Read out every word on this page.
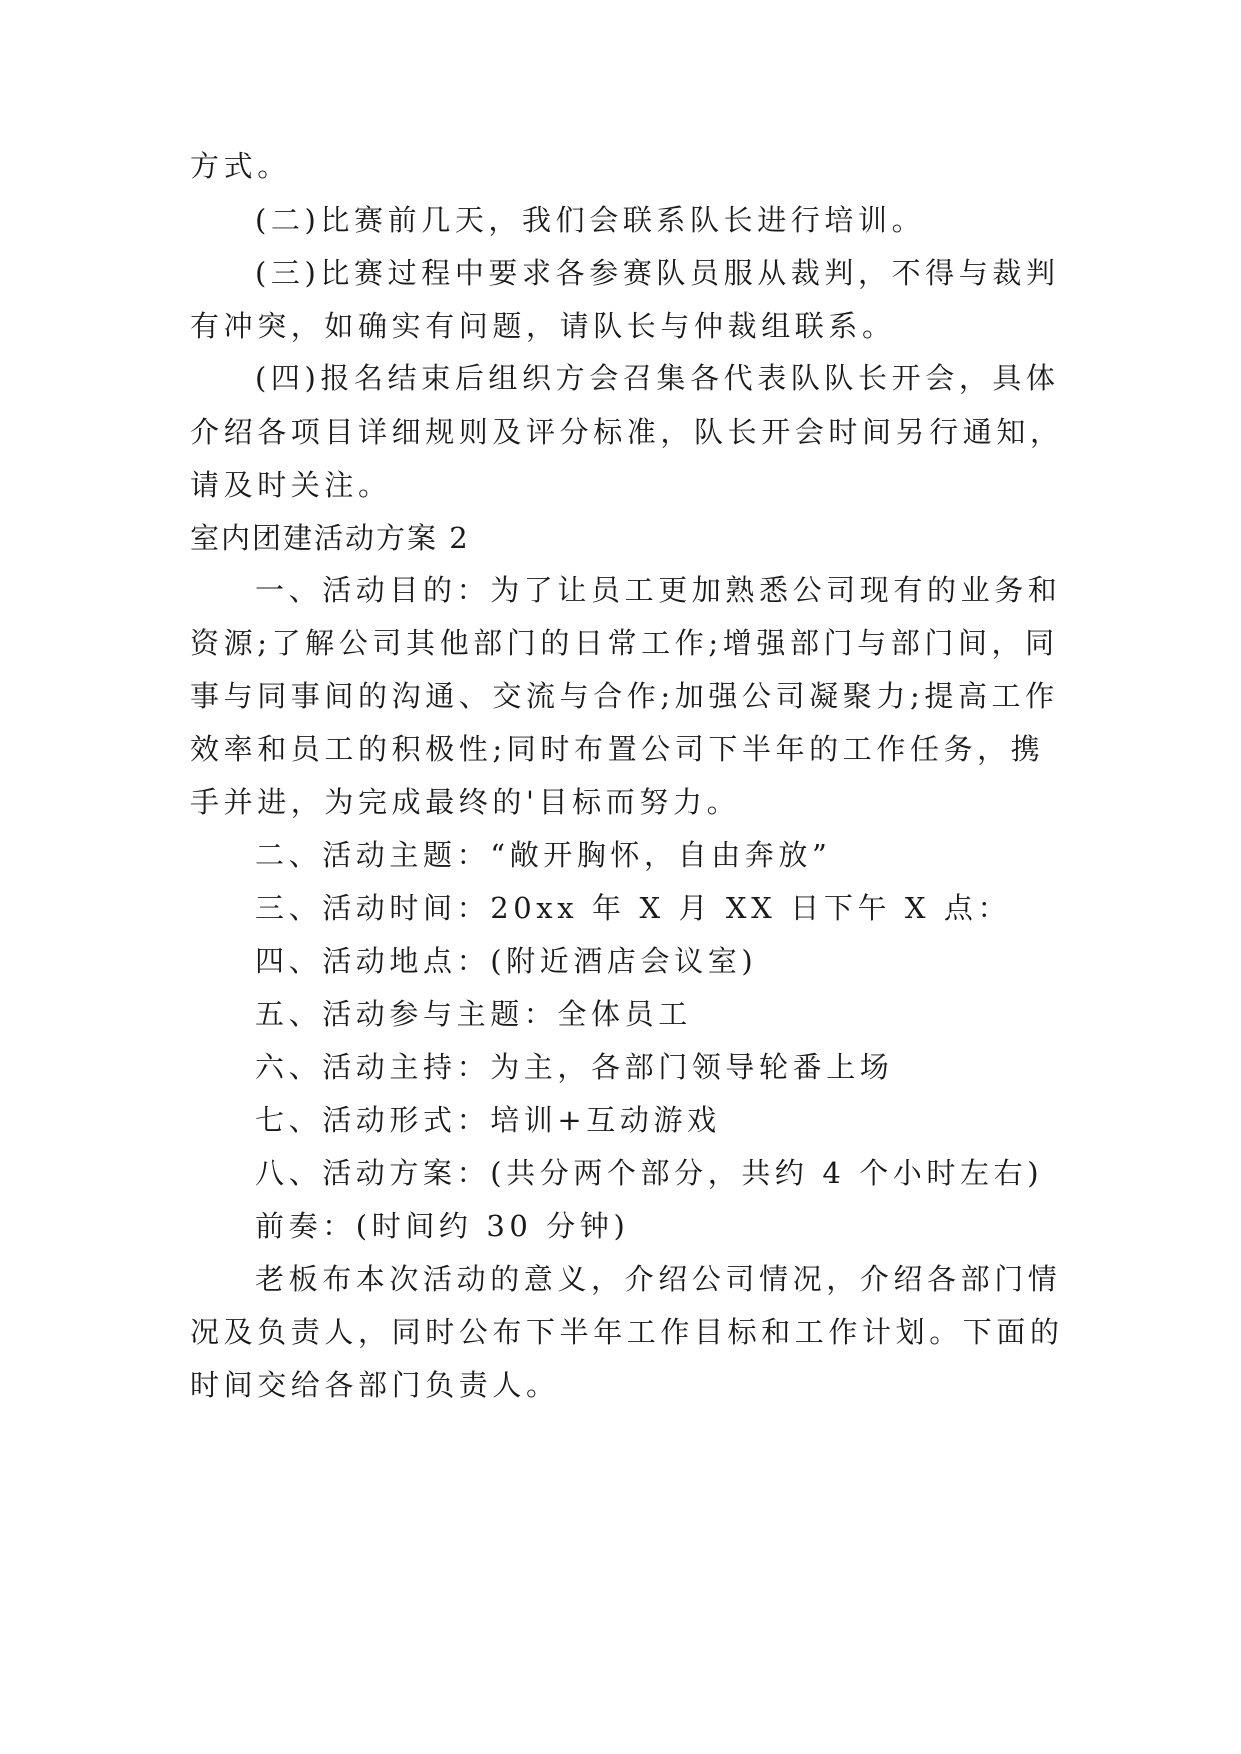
方式。

(二)比赛前几天，我们会联系队长进行培训。

(三)比赛过程中要求各参赛队员服从裁判，不得与裁判

有冲突，如确实有问题，请队长与仲裁组联系。

(四)报名结束后组织方会召集各代表队队长开会，具体

介绍各项目详细规则及评分标准，队长开会时间另行通知，

请及时关注。

室内团建活动方案 2

一、活动目的：为了让员工更加熟悉公司现有的业务和

资源;了解公司其他部门的日常工作;增强部门与部门间，同

事与同事间的沟通、交流与合作;加强公司凝聚力;提高工作

效率和员工的积极性;同时布置公司下半年的工作任务，携

手并进，为完成最终的'目标而努力。

二、活动主题：“敞开胸怀，自由奔放”

三、活动时间：20xx 年 X 月 XX 日下午 X 点：

四、活动地点：(附近酒店会议室)

五、活动参与主题：全体员工

六、活动主持：为主，各部门领导轮番上场

七、活动形式：培训+互动游戏

八、活动方案：(共分两个部分，共约 4 个小时左右)

前奏：(时间约 30 分钟)

老板布本次活动的意义，介绍公司情况，介绍各部门情

况及负责人，同时公布下半年工作目标和工作计划。下面的

时间交给各部门负责人。
